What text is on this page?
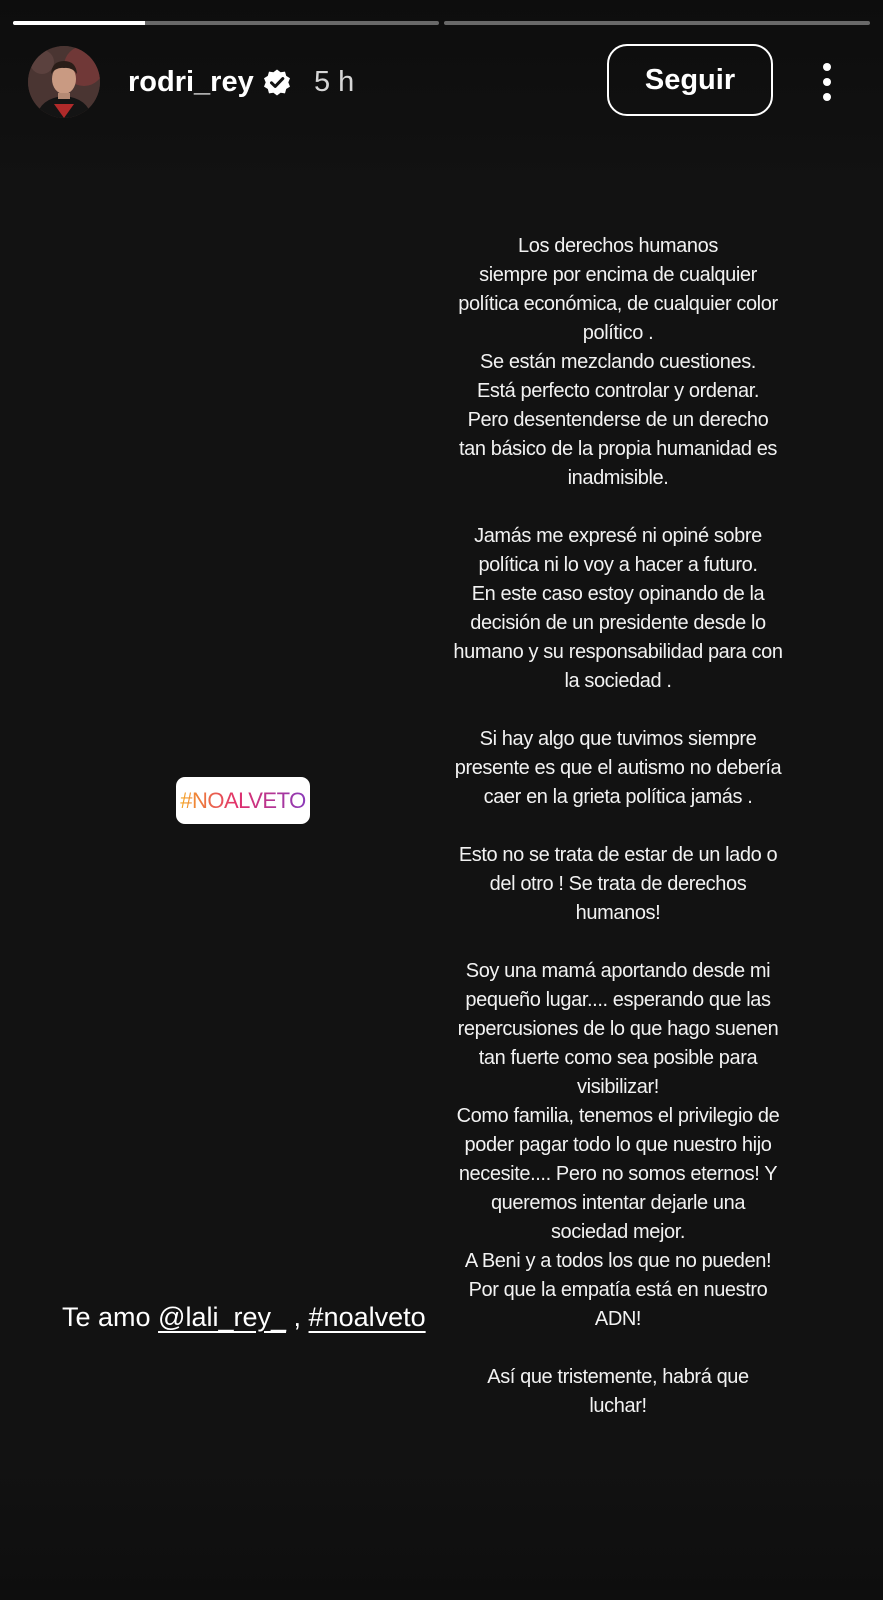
rodri_rey 5 h	Seguir
Los derechos humanos
siempre por encima de cualquier
política económica, de cualquier color
político .
Se están mezclando cuestiones.
Está perfecto controlar y ordenar.
Pero desentenderse de un derecho
tan básico de la propia humanidad es
inadmisible.
Jamás me expresé ni opiné sobre
política ni lo voy a hacer a futuro.
En este caso estoy opinando de la
decisión de un presidente desde lo
humano y su responsabilidad para con
la sociedad .
Si hay algo que tuvimos siempre
presente es que el autismo no debería
caer en la grieta política jamás .
Esto no se trata de estar de un lado o
del otro ! Se trata de derechos
humanos!
Soy una mamá aportando desde mi
pequeño lugar.... esperando que las
repercusiones de lo que hago suenen
tan fuerte como sea posible para
visibilizar!
Como familia, tenemos el privilegio de
poder pagar todo lo que nuestro hijo
necesite.... Pero no somos eternos! Y
queremos intentar dejarle una
sociedad mejor.
A Beni y a todos los que no pueden!
Por que la empatía está en nuestro
ADN!
Así que tristemente, habrá que
luchar!
#NOALVETO
Te amo @lali_rey_ , #noalveto
